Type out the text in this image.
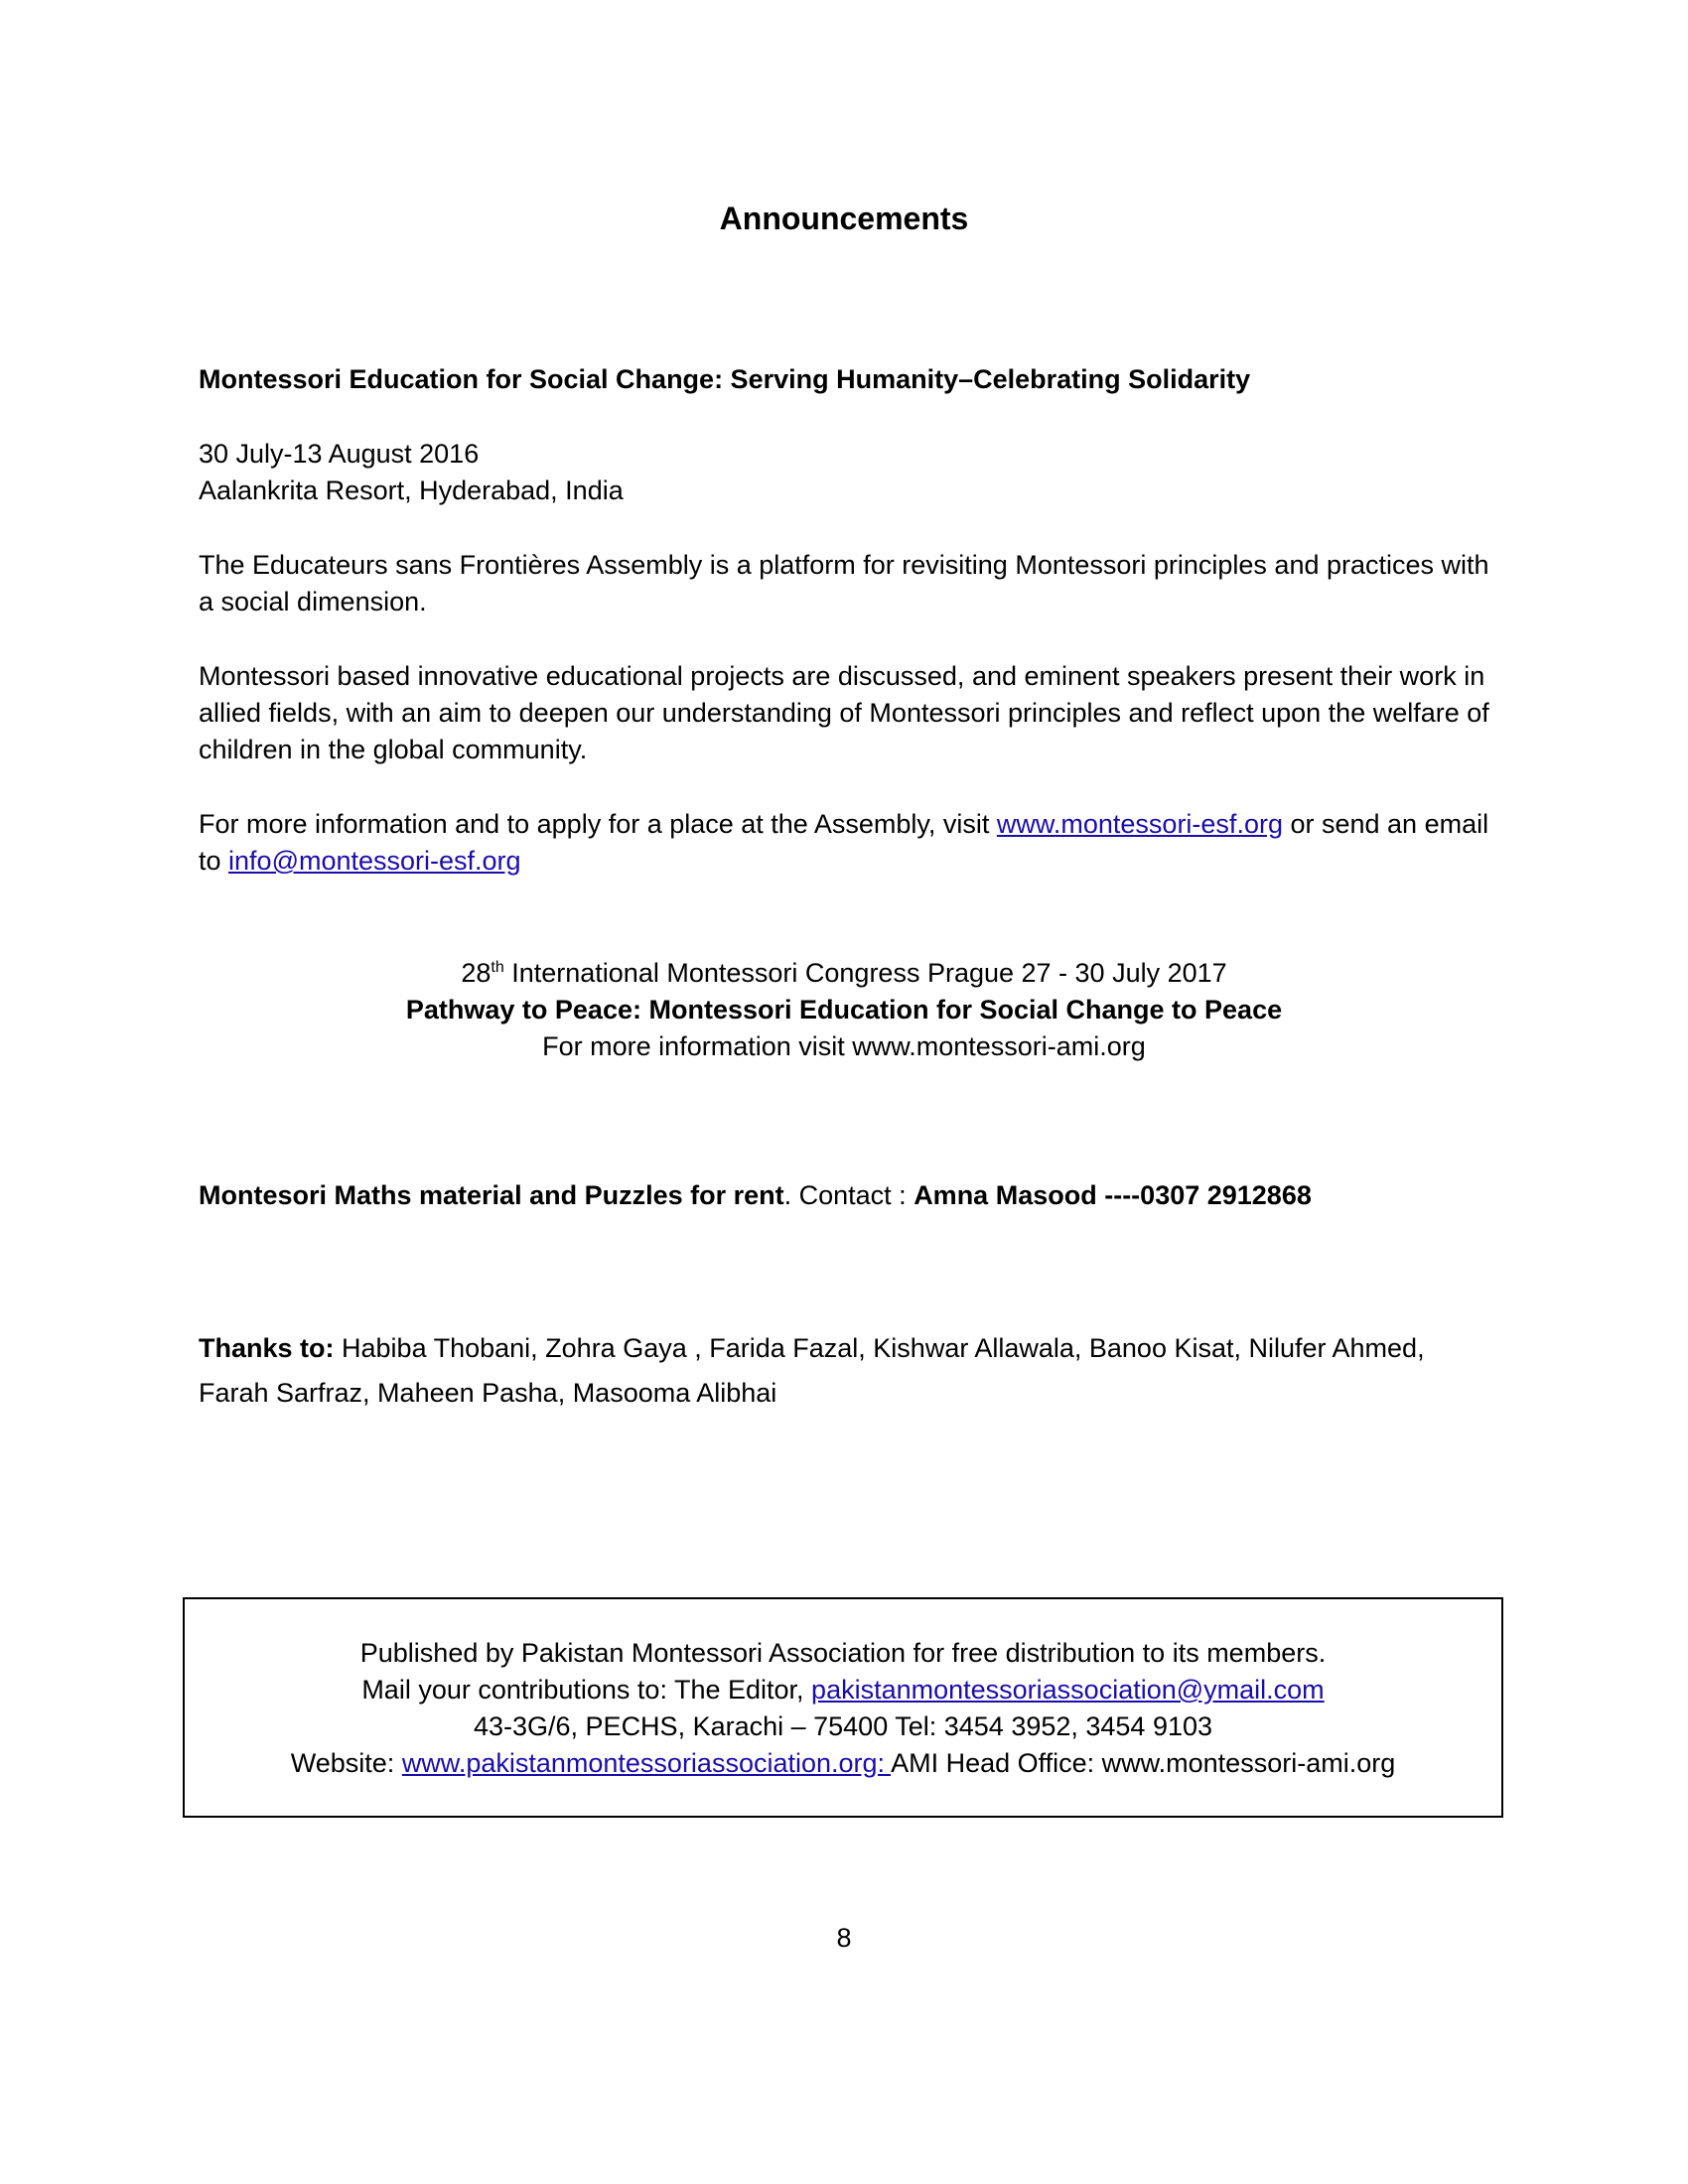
Announcements
Montessori Education for Social Change: Serving Humanity–Celebrating Solidarity
30 July-13 August 2016
Aalankrita Resort, Hyderabad, India
The Educateurs sans Frontières Assembly is a platform for revisiting Montessori principles and practices with a social dimension.
Montessori based innovative educational projects are discussed, and eminent speakers present their work in allied fields, with an aim to deepen our understanding of Montessori principles and reflect upon the welfare of children in the global community.
For more information and to apply for a place at the Assembly, visit www.montessori-esf.org or send an email to info@montessori-esf.org
28th International Montessori Congress Prague 27 - 30 July 2017
Pathway to Peace: Montessori Education for Social Change to Peace
For more information visit www.montessori-ami.org
Montesori Maths material and Puzzles for rent. Contact : Amna Masood ----0307 2912868
Thanks to: Habiba Thobani, Zohra Gaya , Farida Fazal, Kishwar Allawala, Banoo Kisat, Nilufer Ahmed,
Farah Sarfraz, Maheen Pasha, Masooma Alibhai
Published by Pakistan Montessori Association for free distribution to its members.
Mail your contributions to: The Editor, pakistanmontessoriassociation@ymail.com
43-3G/6, PECHS, Karachi – 75400 Tel: 3454 3952, 3454 9103
Website: www.pakistanmontessoriassociation.org: AMI Head Office: www.montessori-ami.org
8
